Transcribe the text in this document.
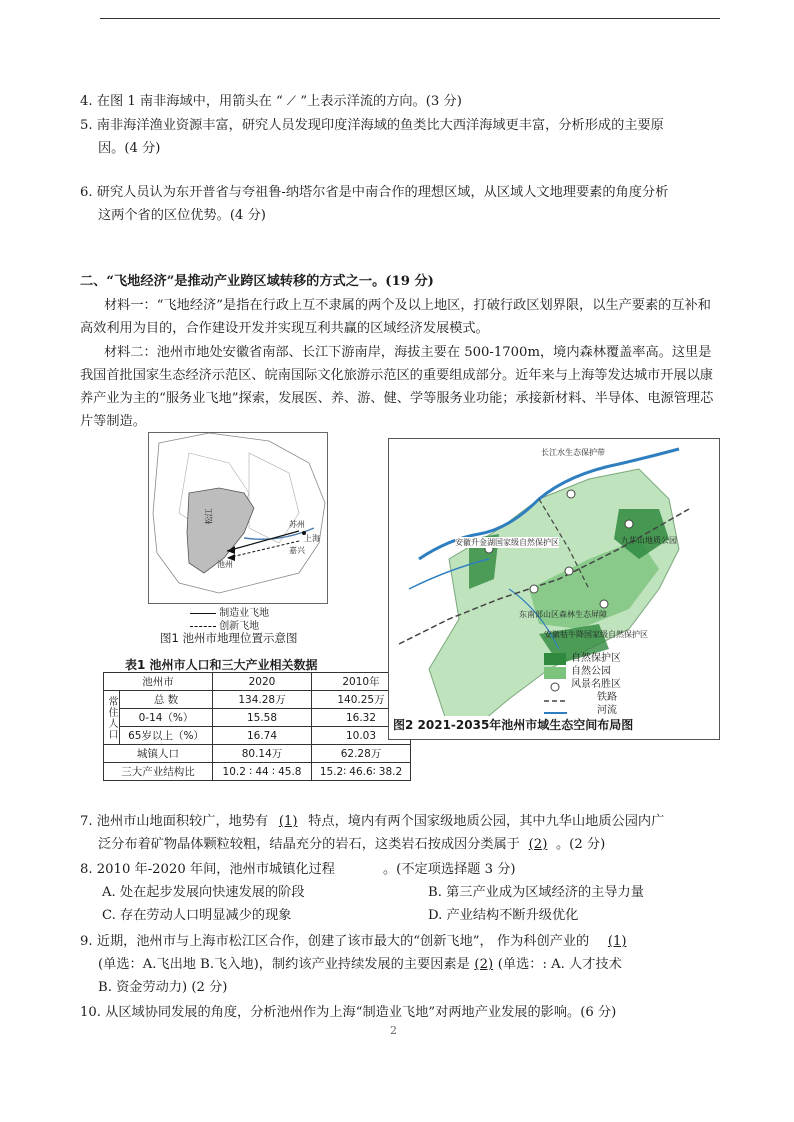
4. 在图 1 南非海域中，用箭头在 “ ⟋ ”上表示洋流的方向。(3 分)

5. 南非海洋渔业资源丰富，研究人员发现印度洋海域的鱼类比大西洋海域更丰富，分析形成的主要原
因。(4 分)

6. 研究人员认为东开普省与夸祖鲁-纳塔尔省是中南合作的理想区域，从区域人文地理要素的角度分析
这两个省的区位优势。(4 分)

二、“飞地经济”是推动产业跨区域转移的方式之一。(19 分)

材料一：“飞地经济”是指在行政上互不隶属的两个及以上地区，打破行政区划界限，以生产要素的互补和高效利用为目的，合作建设开发并实现互利共赢的区域经济发展模式。

材料二：池州市地处安徽省南部、长江下游南岸，海拔主要在 500-1700m，境内森林覆盖率高。这里是我国首批国家生态经济示范区、皖南国际文化旅游示范区的重要组成部分。近年来与上海等发达城市开展以康养产业为主的“服务业飞地”探索，发展医、养、游、健、学等服务业功能；承接新材料、半导体、电源管理芯片等制造。

松江	苏州
上海
嘉兴
池州
制造业飞地
创新飞地
图1 池州市地理位置示意图
表1 池州市人口和三大产业相关数据
池州市		2020	2010年
常住人口	总 数	134.28万	140.25万
	0-14（%）	15.58	16.32
	65岁以上（%）	16.74	10.03
城镇人口		80.14万	62.28万
三大产业结构比		10.2 ∶ 44 ∶ 45.8	15.2∶ 46.6∶ 38.2
长江水生态保护带
安徽升金湖国家级自然保护区	九华山地质公园
东南部山区森林生态屏障
安徽牯牛降国家级自然保护区
自然保护区
自然公园
风景名胜区
铁路
河流
图2 2021-2035年池州市域生态空间布局图

7. 池州市山地面积较广，地势有 (1) 特点，境内有两个国家级地质公园，其中九华山地质公园内广
泛分布着矿物晶体颗粒较粗，结晶充分的岩石，这类岩石按成因分类属于 (2) 。(2 分)

8. 2010 年-2020 年间，池州市城镇化过程	。(不定项选择题 3 分)

A. 处在起步发展向快速发展的阶段	B. 第三产业成为区域经济的主导力量
C. 存在劳动人口明显减少的现象	D. 产业结构不断升级优化

9. 近期，池州市与上海市松江区合作，创建了该市最大的“创新飞地”， 作为科创产业的 (1)
(单选：A.飞出地 B.飞入地)，制约该产业持续发展的主要因素是 (2) (单选：: A. 人才技术
B. 资金劳动力) (2 分)

10. 从区域协同发展的角度，分析池州作为上海“制造业飞地”对两地产业发展的影响。(6 分)

2
